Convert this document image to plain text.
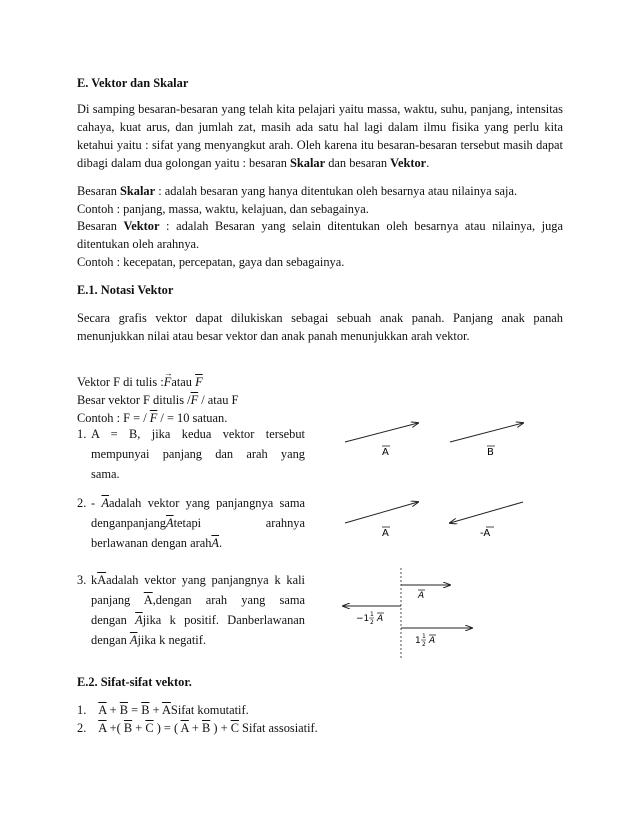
E. Vektor dan Skalar
Di samping besaran-besaran yang telah kita pelajari yaitu massa, waktu, suhu, panjang, intensitas
cahaya, kuat arus, dan jumlah zat, masih ada satu hal lagi dalam ilmu fisika yang perlu kita
ketahui yaitu : sifat yang menyangkut arah. Oleh karena itu besaran-besaran tersebut masih dapat
dibagi dalam dua golongan yaitu : besaran Skalar dan besaran Vektor.
Besaran Skalar : adalah besaran yang hanya ditentukan oleh besarnya atau nilainya saja.
Contoh : panjang, massa, waktu, kelajuan, dan sebagainya.
Besaran Vektor : adalah Besaran yang selain ditentukan oleh besarnya atau nilainya, juga
ditentukan oleh arahnya.
Contoh : kecepatan, percepatan, gaya dan sebagainya.
E.1. Notasi Vektor
Secara grafis vektor dapat dilukiskan sebagai sebuah anak panah. Panjang anak panah
menunjukkan nilai atau besar vektor dan anak panah menunjukkan arah vektor.
Vektor F di tulis :
→
Fatau $\overline{F}$
Besar vektor F ditulis $/\overline{F}$ / atau F
Contoh : F = / $\overline{F}$ / = 10 satuan.
1. A = B, jika kedua vektor tersebut
mempunyai panjang dan arah yang
sama.
2. - $\overline{A}adalah$ vektor yang panjangnya sama
$denganpanjang\overline{A}tetapi$ arahnya
berlawanan dengan $arah\overline{A}$.
3. $k\overline{A}adalah$ vektor yang panjangnya k kali
panjang $\overline{A},dengan$ arah yang sama
dengan $\overline{A}jika$ k positif. Danberlawanan
dengan $\overline{A}jika$ k negatif.
A	B
A	-A
A
−1 1
2 A
1 1
2 A
E.2. Sifat-sifat vektor.
1. $\overline{A} + \overline{B} = \overline{B}$ + $\overline{A}Sifat$ komutatif.
2. $\overline{A}$ +( $\overline{B} + \overline{C}$ ) = ( $\overline{A} + \overline{B}$ ) + $\overline{C}$ Sifat assosiatif.
